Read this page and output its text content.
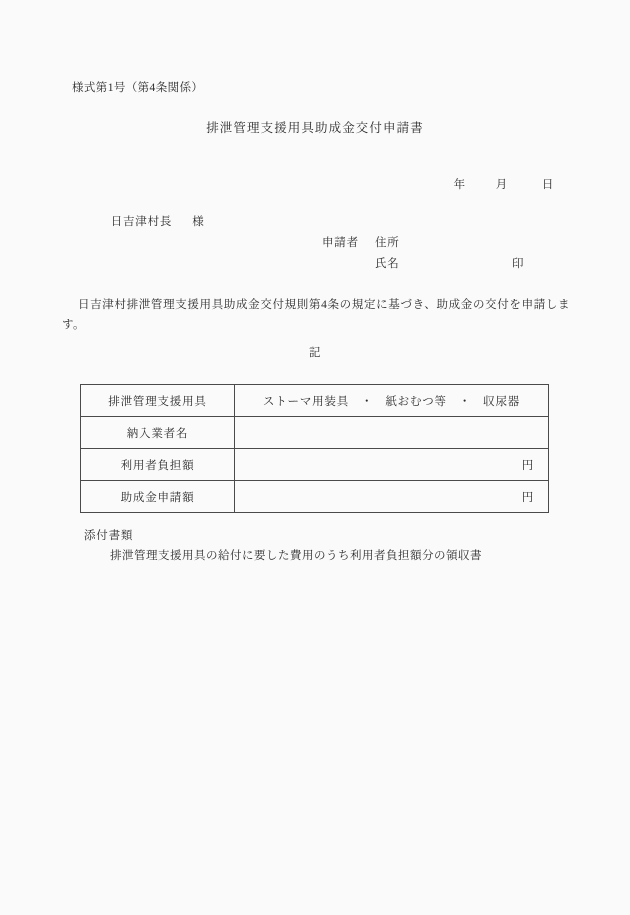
様式第1号（第4条関係）
排泄管理支援用具助成金交付申請書

年	月	日

日吉津村長 様

申請者 住所
氏名	印
日吉津村排泄管理支援用具助成金交付規則第4条の規定に基づき、助成金の交付を申請します。
記
排泄管理支援用具	ストーマ用装具 ・ 紙おむつ等 ・ 収尿器
納入業者名	
利用者負担額	円
助成金申請額	円
添付書類
排泄管理支援用具の給付に要した費用のうち利用者負担額分の領収書
